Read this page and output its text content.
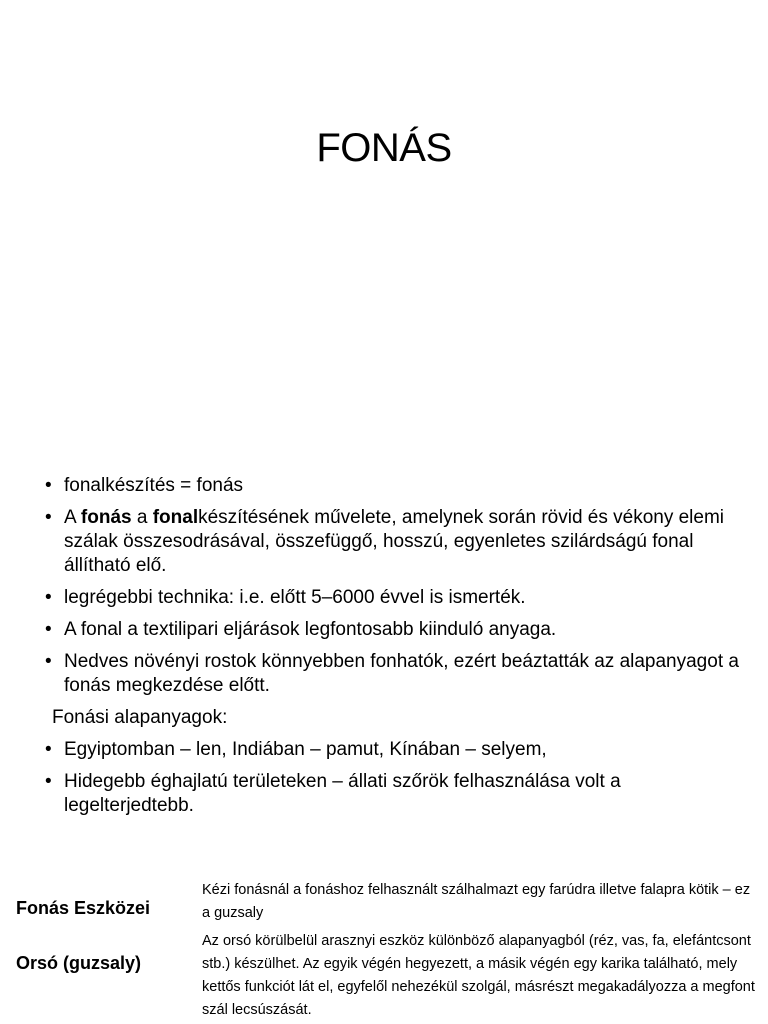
FONÁS
• fonalkészítés = fonás
• A fonás a fonalkészítésének művelete, amelynek során rövid és vékony elemi szálak összesodrásával, összefüggő, hosszú, egyenletes szilárdságú fonal állítható elő.
• legrégebbi technika: i.e. előtt 5–6000 évvel is ismerték.
• A fonal a textilipari eljárások legfontosabb kiinduló anyaga.
• Nedves növényi rostok könnyebben fonhatók, ezért beáztatták az alapanyagot a fonás megkezdése előtt.

Fonási alapanyagok:

• Egyiptomban – len, Indiában – pamut, Kínában – selyem,
• Hidegebb éghajlatú területeken – állati szőrök felhasználása volt a legelterjedtebb.
Fonás Eszközei
Orsó (guzsaly)
Kézi fonásnál a fonáshoz felhasznált szálhalmazt egy farúdra illetve falapra kötik – ez a guzsaly
Az orsó körülbelül arasznyi eszköz különböző alapanyagból (réz, vas, fa, elefántcsont stb.) készülhet. Az egyik végén hegyezett, a másik végén egy karika található, mely kettős funkciót lát el, egyfelől nehezékül szolgál, másrészt megakadályozza a megfont szál lecsúszását.
